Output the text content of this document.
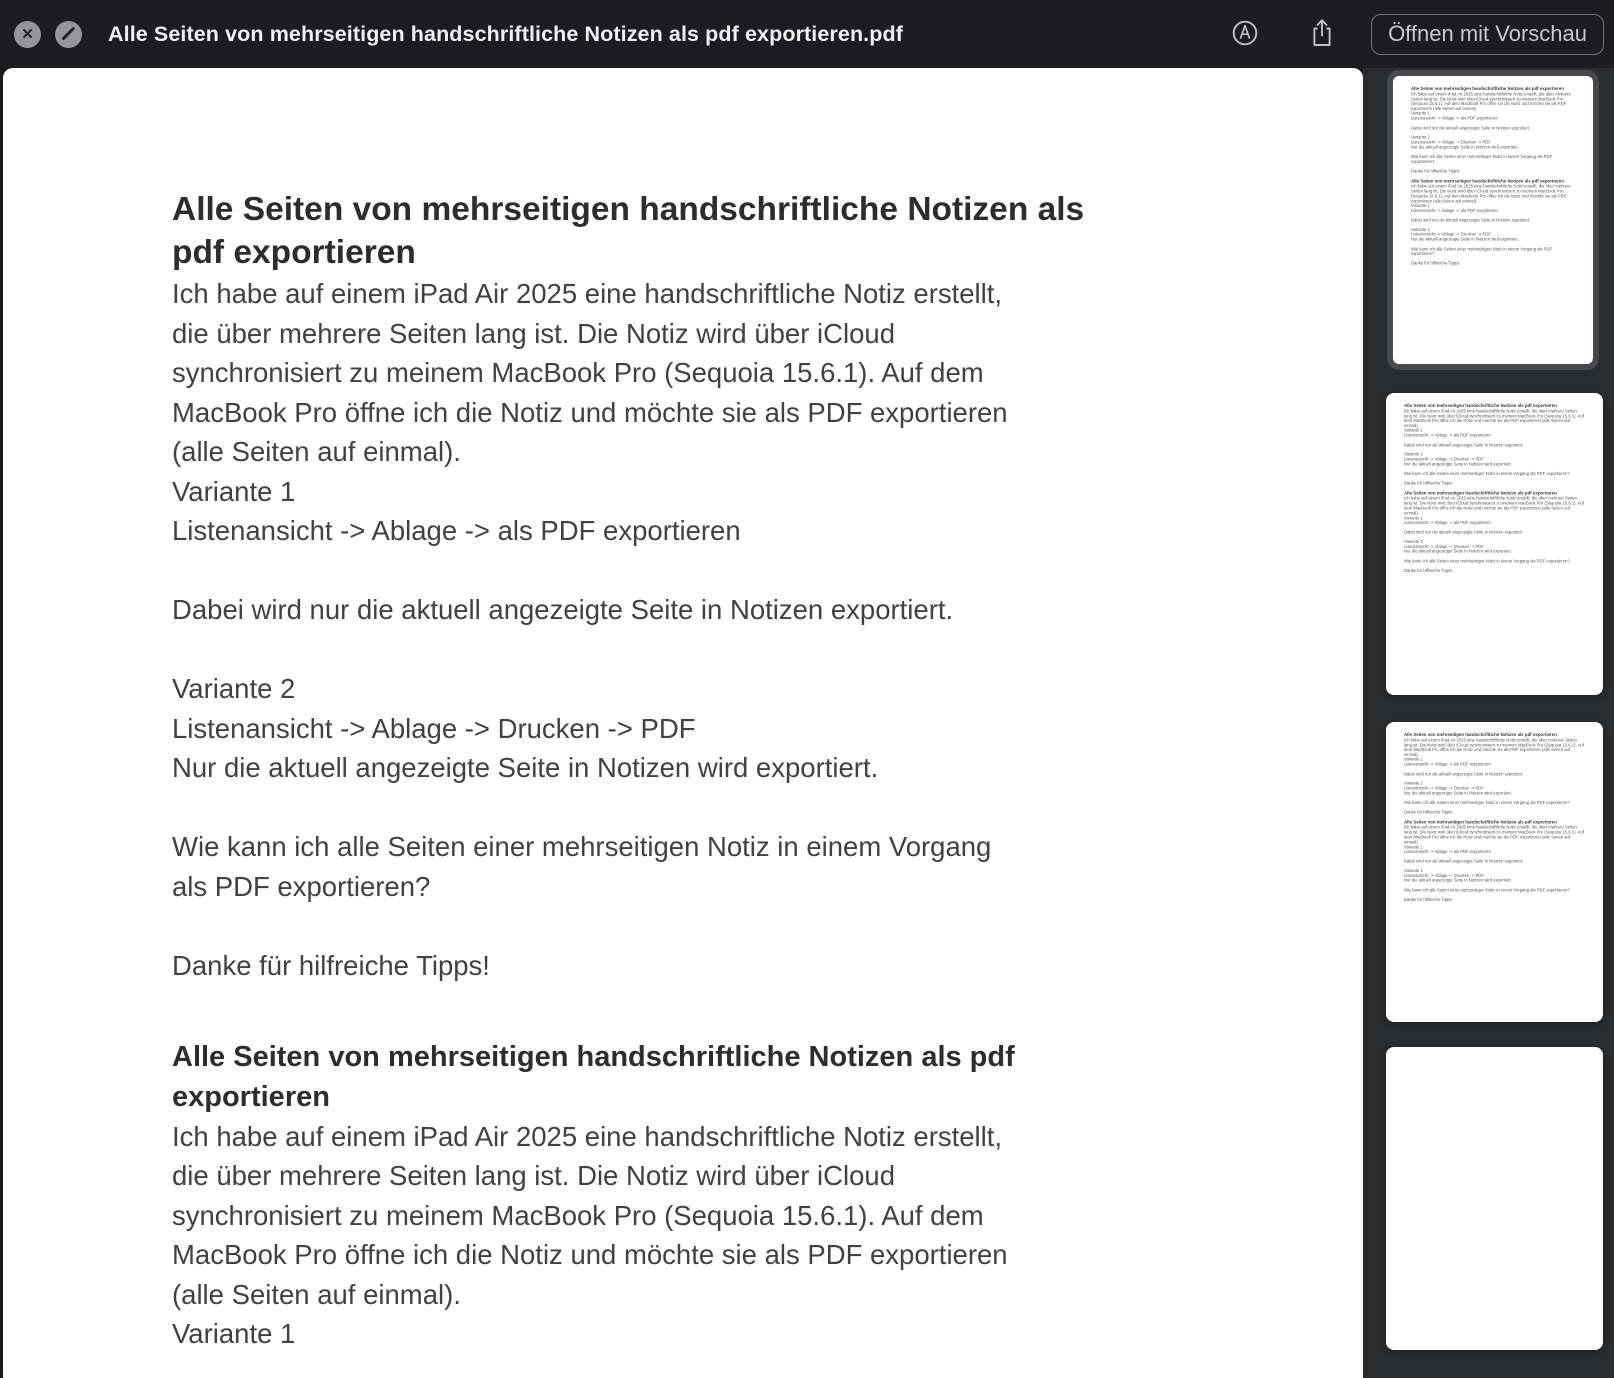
✕	Alle Seiten von mehrseitigen handschriftliche Notizen als pdf exportieren.pdf	Öffnen mit Vorschau
Alle Seiten von mehrseitigen handschriftliche Notizen als
pdf exportieren
Ich habe auf einem iPad Air 2025 eine handschriftliche Notiz erstellt,
die über mehrere Seiten lang ist. Die Notiz wird über iCloud
synchronisiert zu meinem MacBook Pro (Sequoia 15.6.1). Auf dem
MacBook Pro öffne ich die Notiz und möchte sie als PDF exportieren
(alle Seiten auf einmal).
Variante 1
Listenansicht -> Ablage -> als PDF exportieren

Dabei wird nur die aktuell angezeigte Seite in Notizen exportiert.

Variante 2
Listenansicht -> Ablage -> Drucken -> PDF
Nur die aktuell angezeigte Seite in Notizen wird exportiert.

Wie kann ich alle Seiten einer mehrseitigen Notiz in einem Vorgang
als PDF exportieren?

Danke für hilfreiche Tipps!

Alle Seiten von mehrseitigen handschriftliche Notizen als pdf
exportieren
Ich habe auf einem iPad Air 2025 eine handschriftliche Notiz erstellt,
die über mehrere Seiten lang ist. Die Notiz wird über iCloud
synchronisiert zu meinem MacBook Pro (Sequoia 15.6.1). Auf dem
MacBook Pro öffne ich die Notiz und möchte sie als PDF exportieren
(alle Seiten auf einmal).
Variante 1
Alle Seiten von mehrseitigen handschriftliche Notizen als pdf exportieren
Ich habe auf einem iPad Air 2025 eine handschriftliche Notiz erstellt, die über mehrere Seiten lang ist. Die Notiz wird über iCloud synchronisiert zu meinem MacBook Pro (Sequoia 15.6.1). Auf dem MacBook Pro öffne ich die Notiz und möchte sie als PDF exportieren (alle Seiten auf einmal).
Variante 1
Listenansicht -> Ablage -> als PDF exportieren
Dabei wird nur die aktuell angezeigte Seite in Notizen exportiert.
Variante 2
Listenansicht -> Ablage -> Drucken -> PDF
Nur die aktuell angezeigte Seite in Notizen wird exportiert.
Wie kann ich alle Seiten einer mehrseitigen Notiz in einem Vorgang als PDF exportieren?
Danke für hilfreiche Tipps!
Alle Seiten von mehrseitigen handschriftliche Notizen als pdf exportieren
Ich habe auf einem iPad Air 2025 eine handschriftliche Notiz erstellt, die über mehrere Seiten lang ist. Die Notiz wird über iCloud synchronisiert zu meinem MacBook Pro (Sequoia 15.6.1). Auf dem MacBook Pro öffne ich die Notiz und möchte sie als PDF exportieren (alle Seiten auf einmal).
Variante 1
Listenansicht -> Ablage -> als PDF exportieren
Dabei wird nur die aktuell angezeigte Seite in Notizen exportiert.
Variante 2
Listenansicht -> Ablage -> Drucken -> PDF
Nur die aktuell angezeigte Seite in Notizen wird exportiert.
Wie kann ich alle Seiten einer mehrseitigen Notiz in einem Vorgang als PDF exportieren?
Danke für hilfreiche Tipps!
Alle Seiten von mehrseitigen handschriftliche Notizen als pdf exportieren
Ich habe auf einem iPad Air 2025 eine handschriftliche Notiz erstellt, die über mehrere Seiten lang ist. Die Notiz wird über iCloud synchronisiert zu meinem MacBook Pro (Sequoia 15.6.1). Auf dem MacBook Pro öffne ich die Notiz und möchte sie als PDF exportieren (alle Seiten auf einmal).
Variante 1
Listenansicht -> Ablage -> als PDF exportieren
Dabei wird nur die aktuell angezeigte Seite in Notizen exportiert.
Variante 2
Listenansicht -> Ablage -> Drucken -> PDF
Nur die aktuell angezeigte Seite in Notizen wird exportiert.
Wie kann ich alle Seiten einer mehrseitigen Notiz in einem Vorgang als PDF exportieren?
Danke für hilfreiche Tipps!
Alle Seiten von mehrseitigen handschriftliche Notizen als pdf exportieren
Ich habe auf einem iPad Air 2025 eine handschriftliche Notiz erstellt, die über mehrere Seiten lang ist. Die Notiz wird über iCloud synchronisiert zu meinem MacBook Pro (Sequoia 15.6.1). Auf dem MacBook Pro öffne ich die Notiz und möchte sie als PDF exportieren (alle Seiten auf einmal).
Variante 1
Listenansicht -> Ablage -> als PDF exportieren
Dabei wird nur die aktuell angezeigte Seite in Notizen exportiert.
Variante 2
Listenansicht -> Ablage -> Drucken -> PDF
Nur die aktuell angezeigte Seite in Notizen wird exportiert.
Wie kann ich alle Seiten einer mehrseitigen Notiz in einem Vorgang als PDF exportieren?
Danke für hilfreiche Tipps!
Alle Seiten von mehrseitigen handschriftliche Notizen als pdf exportieren
Ich habe auf einem iPad Air 2025 eine handschriftliche Notiz erstellt, die über mehrere Seiten lang ist. Die Notiz wird über iCloud synchronisiert zu meinem MacBook Pro (Sequoia 15.6.1). Auf dem MacBook Pro öffne ich die Notiz und möchte sie als PDF exportieren (alle Seiten auf einmal).
Variante 1
Listenansicht -> Ablage -> als PDF exportieren
Dabei wird nur die aktuell angezeigte Seite in Notizen exportiert.
Variante 2
Listenansicht -> Ablage -> Drucken -> PDF
Nur die aktuell angezeigte Seite in Notizen wird exportiert.
Wie kann ich alle Seiten einer mehrseitigen Notiz in einem Vorgang als PDF exportieren?
Danke für hilfreiche Tipps!
Alle Seiten von mehrseitigen handschriftliche Notizen als pdf exportieren
Ich habe auf einem iPad Air 2025 eine handschriftliche Notiz erstellt, die über mehrere Seiten lang ist. Die Notiz wird über iCloud synchronisiert zu meinem MacBook Pro (Sequoia 15.6.1). Auf dem MacBook Pro öffne ich die Notiz und möchte sie als PDF exportieren (alle Seiten auf einmal).
Variante 1
Listenansicht -> Ablage -> als PDF exportieren
Dabei wird nur die aktuell angezeigte Seite in Notizen exportiert.
Variante 2
Listenansicht -> Ablage -> Drucken -> PDF
Nur die aktuell angezeigte Seite in Notizen wird exportiert.
Wie kann ich alle Seiten einer mehrseitigen Notiz in einem Vorgang als PDF exportieren?
Danke für hilfreiche Tipps!
